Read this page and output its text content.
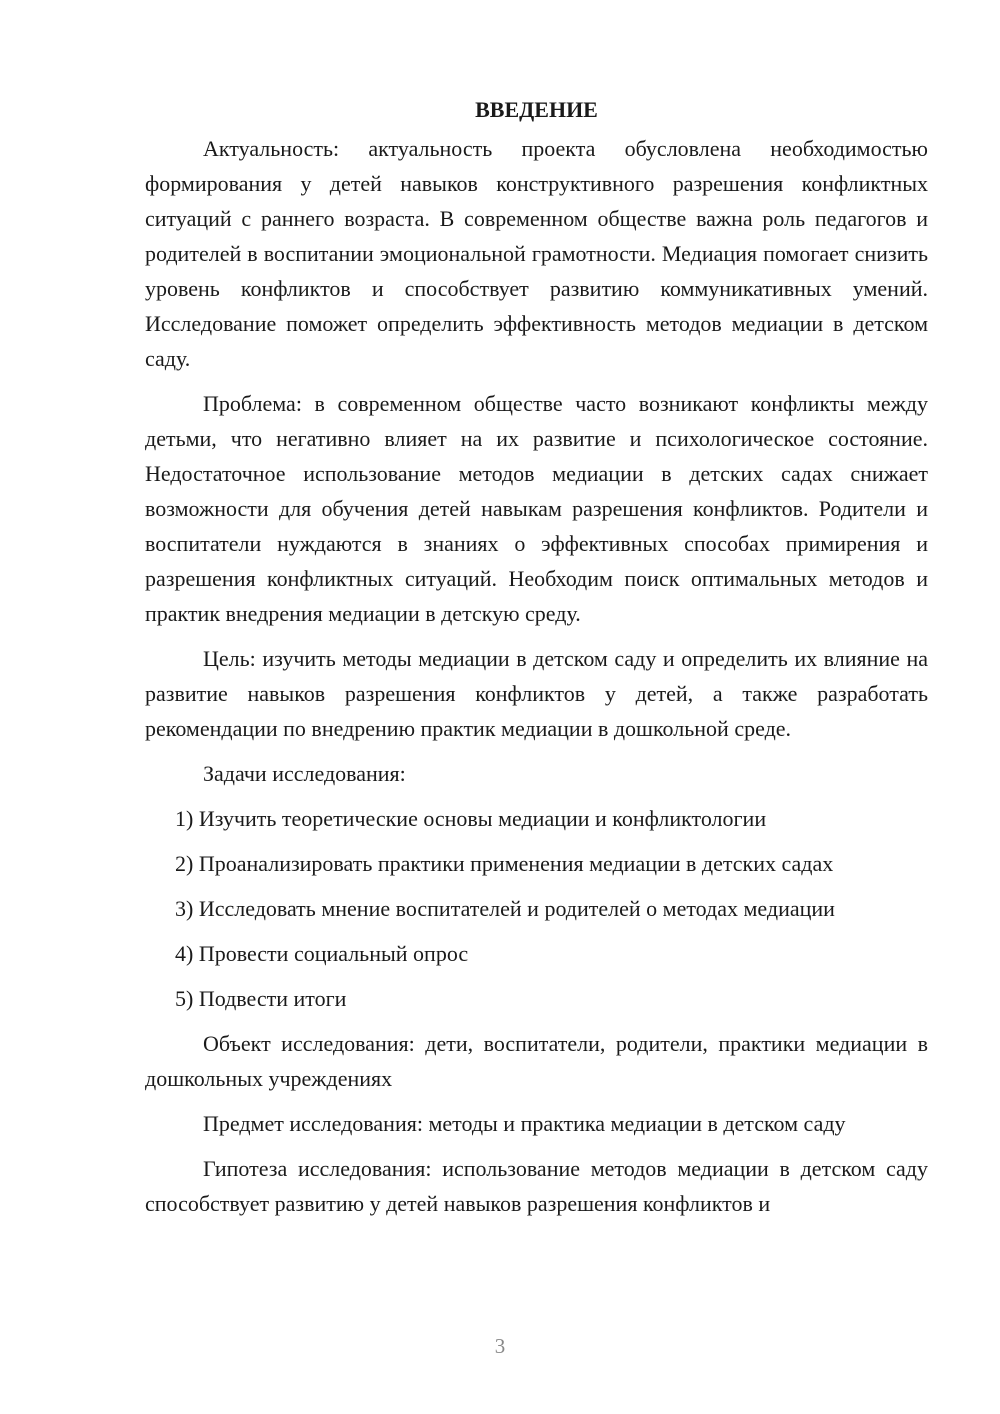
ВВЕДЕНИЕ

Актуальность: актуальность проекта обусловлена необходимостью формирования у детей навыков конструктивного разрешения конфликтных ситуаций с раннего возраста. В современном обществе важна роль педагогов и родителей в воспитании эмоциональной грамотности. Медиация помогает снизить уровень конфликтов и способствует развитию коммуникативных умений. Исследование поможет определить эффективность методов медиации в детском саду.

Проблема: в современном обществе часто возникают конфликты между детьми, что негативно влияет на их развитие и психологическое состояние. Недостаточное использование методов медиации в детских садах снижает возможности для обучения детей навыкам разрешения конфликтов. Родители и воспитатели нуждаются в знаниях о эффективных способах примирения и разрешения конфликтных ситуаций. Необходим поиск оптимальных методов и практик внедрения медиации в детскую среду.

Цель: изучить методы медиации в детском саду и определить их влияние на развитие навыков разрешения конфликтов у детей, а также разработать рекомендации по внедрению практик медиации в дошкольной среде.

Задачи исследования:

1) Изучить теоретические основы медиации и конфликтологии
2) Проанализировать практики применения медиации в детских садах
3) Исследовать мнение воспитателей и родителей о методах медиации
4) Провести социальный опрос
5) Подвести итоги

Объект исследования: дети, воспитатели, родители, практики медиации в дошкольных учреждениях

Предмет исследования: методы и практика медиации в детском саду

Гипотеза исследования: использование методов медиации в детском саду способствует развитию у детей навыков разрешения конфликтов и

3
